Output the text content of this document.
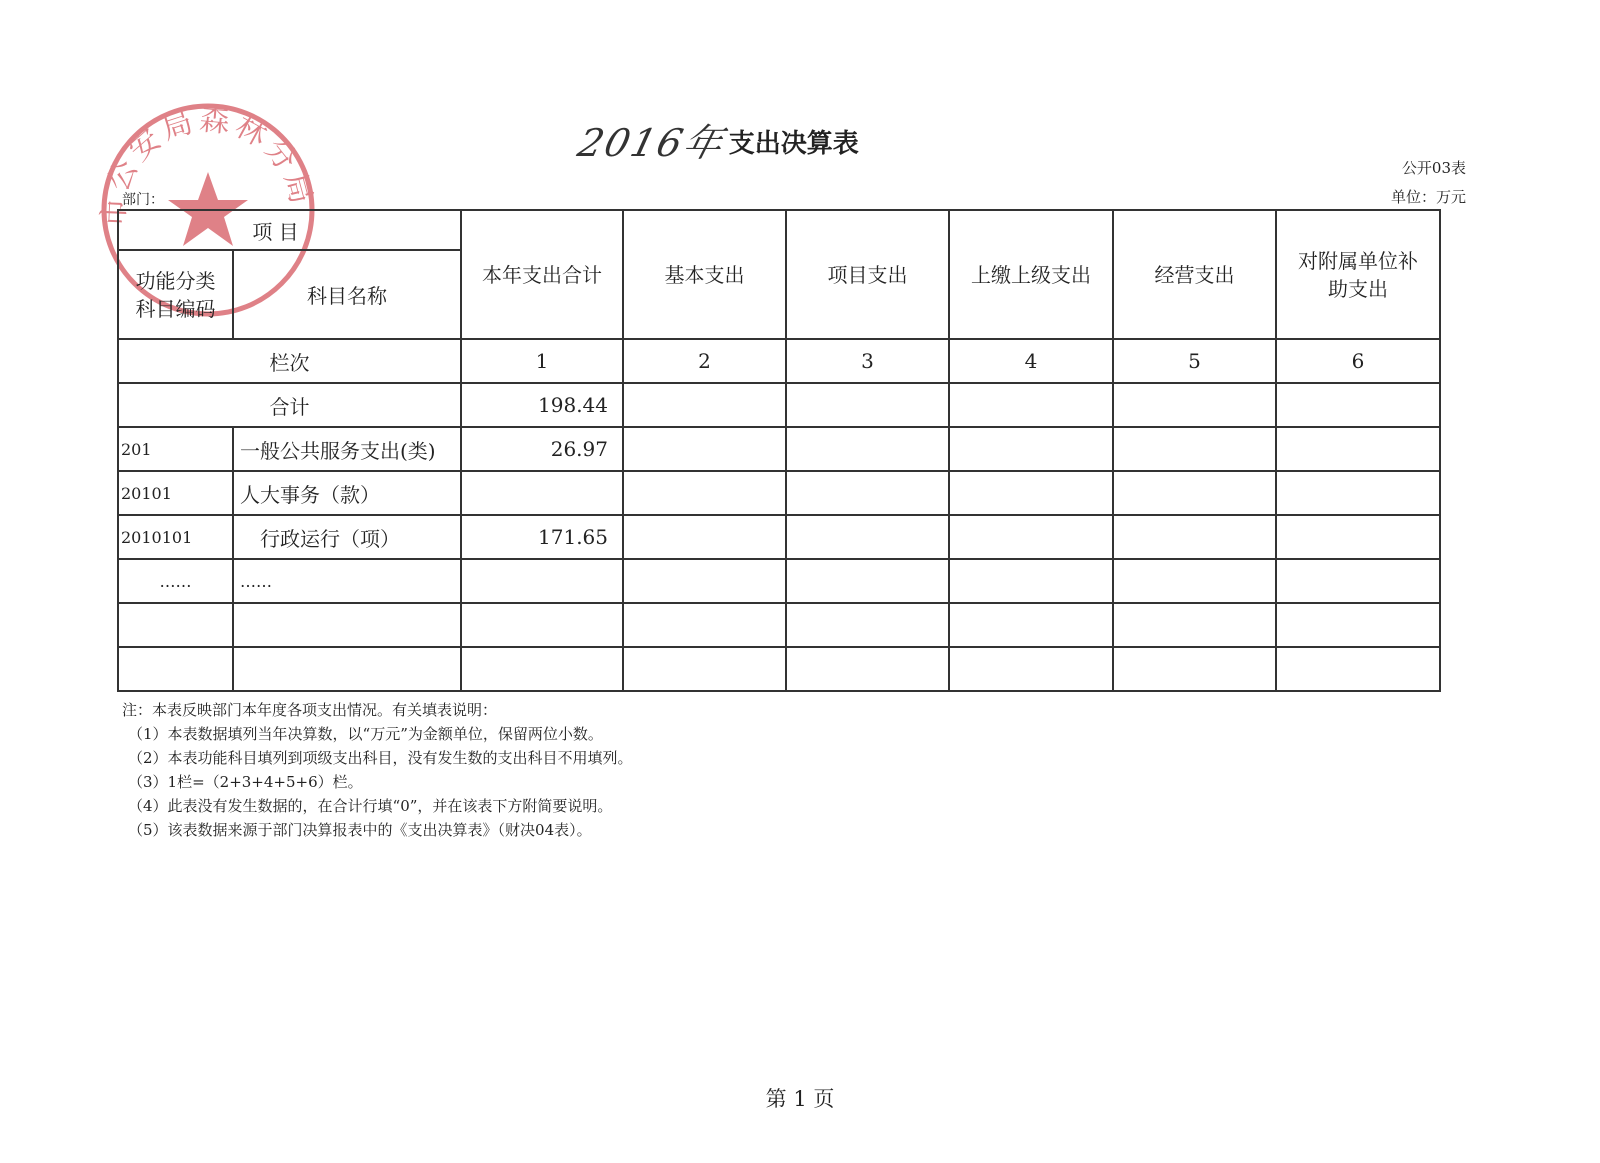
市公安局森林分局
2016年支出决算表
公开03表
单位：万元
部门：
项 目		本年支出合计	基本支出	项目支出	上缴上级支出	经营支出	对附属单位补助支出
功能分类科目编码	科目名称						
栏次		1	2	3	4	5	6
合计		198.44					
201	一般公共服务支出(类)	26.97					
20101	人大事务（款）						
2010101	行政运行（项）	171.65					
……	……						

注：本表反映部门本年度各项支出情况。有关填表说明：
（1）本表数据填列当年决算数，以“万元”为金额单位，保留两位小数。
（2）本表功能科目填列到项级支出科目，没有发生数的支出科目不用填列。
（3）1栏=（2+3+4+5+6）栏。
（4）此表没有发生数据的，在合计行填“0”，并在该表下方附简要说明。
（5）该表数据来源于部门决算报表中的《支出决算表》（财决04表）。
第 1 页
